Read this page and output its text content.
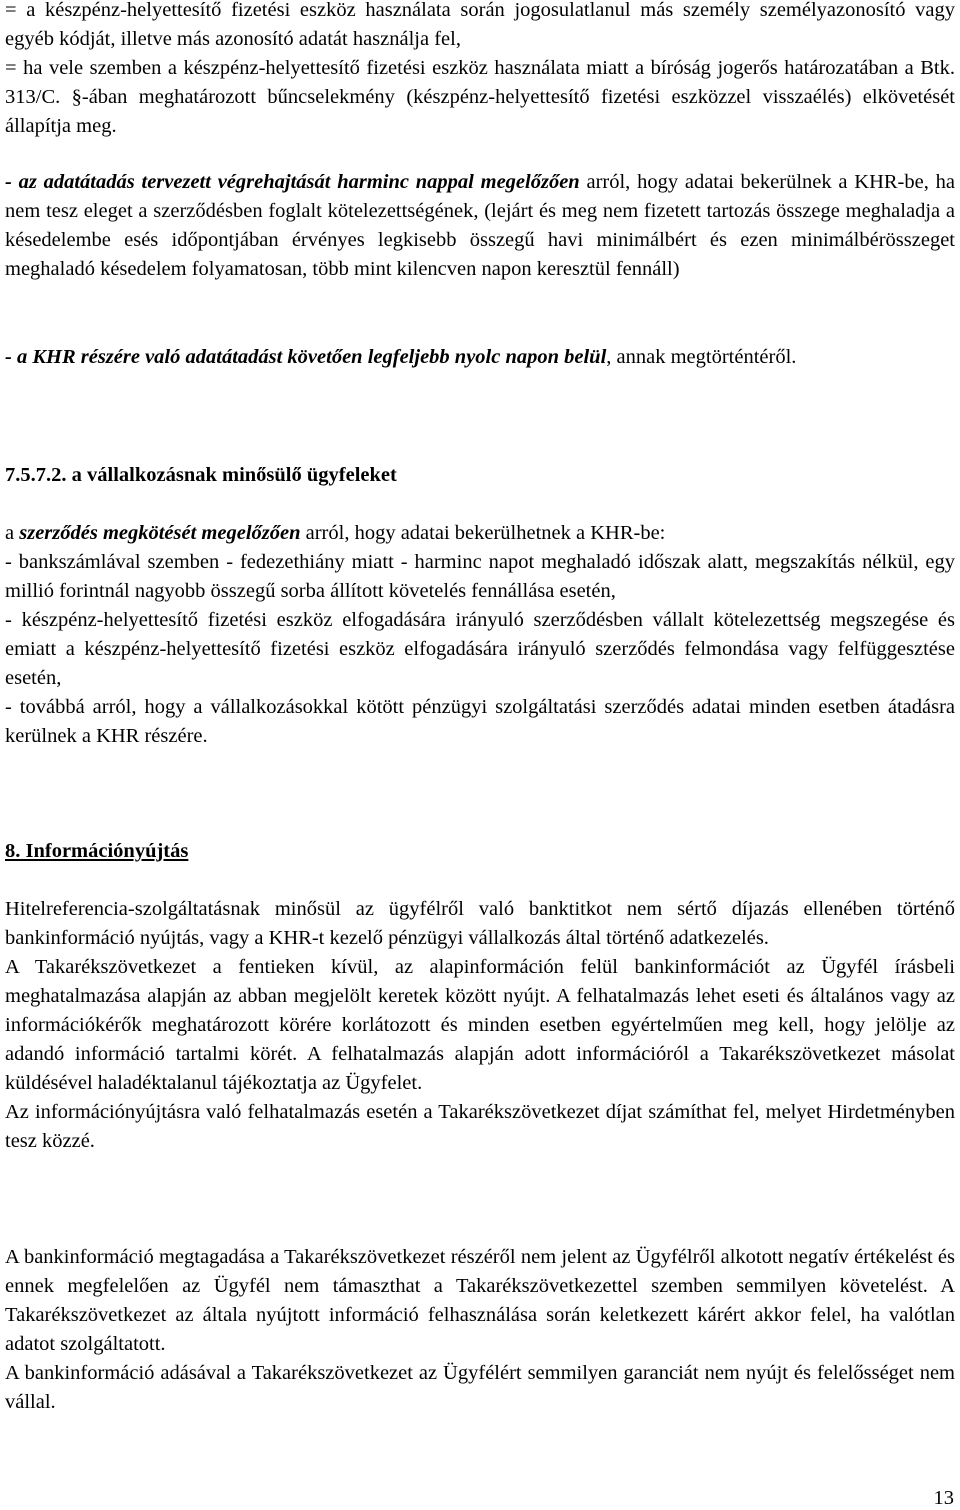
= a készpénz-helyettesítő fizetési eszköz használata során jogosulatlanul más személy személyazonosító vagy egyéb kódját, illetve más azonosító adatát használja fel,

= ha vele szemben a készpénz-helyettesítő fizetési eszköz használata miatt a bíróság jogerős határozatában a Btk. 313/C. §-ában meghatározott bűncselekmény (készpénz-helyettesítő fizetési eszközzel visszaélés) elkövetését állapítja meg.

- az adatátadás tervezett végrehajtását harminc nappal megelőzően arról, hogy adatai bekerülnek a KHR-be, ha nem tesz eleget a szerződésben foglalt kötelezettségének, (lejárt és meg nem fizetett tartozás összege meghaladja a késedelembe esés időpontjában érvényes legkisebb összegű havi minimálbért és ezen minimálbérösszeget meghaladó késedelem folyamatosan, több mint kilencven napon keresztül fennáll)

- a KHR részére való adatátadást követően legfeljebb nyolc napon belül, annak megtörténtéről.

7.5.7.2. a vállalkozásnak minősülő ügyfeleket

a szerződés megkötését megelőzően arról, hogy adatai bekerülhetnek a KHR-be:

- bankszámlával szemben - fedezethiány miatt - harminc napot meghaladó időszak alatt, megszakítás nélkül, egy millió forintnál nagyobb összegű sorba állított követelés fennállása esetén,

- készpénz-helyettesítő fizetési eszköz elfogadására irányuló szerződésben vállalt kötelezettség megszegése és emiatt a készpénz-helyettesítő fizetési eszköz elfogadására irányuló szerződés felmondása vagy felfüggesztése esetén,

- továbbá arról, hogy a vállalkozásokkal kötött pénzügyi szolgáltatási szerződés adatai minden esetben átadásra kerülnek a KHR részére.

8. Információnyújtás

Hitelreferencia-szolgáltatásnak minősül az ügyfélről való banktitkot nem sértő díjazás ellenében történő bankinformáció nyújtás, vagy a KHR-t kezelő pénzügyi vállalkozás által történő adatkezelés.

A Takarékszövetkezet a fentieken kívül, az alapinformáción felül bankinformációt az Ügyfél írásbeli meghatalmazása alapján az abban megjelölt keretek között nyújt. A felhatalmazás lehet eseti és általános vagy az információkérők meghatározott körére korlátozott és minden esetben egyértelműen meg kell, hogy jelölje az adandó információ tartalmi körét. A felhatalmazás alapján adott információról a Takarékszövetkezet másolat küldésével haladéktalanul tájékoztatja az Ügyfelet.

Az információnyújtásra való felhatalmazás esetén a Takarékszövetkezet díjat számíthat fel, melyet Hirdetményben tesz közzé.

A bankinformáció megtagadása a Takarékszövetkezet részéről nem jelent az Ügyfélről alkotott negatív értékelést és ennek megfelelően az Ügyfél nem támaszthat a Takarékszövetkezettel szemben semmilyen követelést. A Takarékszövetkezet az általa nyújtott információ felhasználása során keletkezett kárért akkor felel, ha valótlan adatot szolgáltatott.

A bankinformáció adásával a Takarékszövetkezet az Ügyfélért semmilyen garanciát nem nyújt és felelősséget nem vállal.

13
